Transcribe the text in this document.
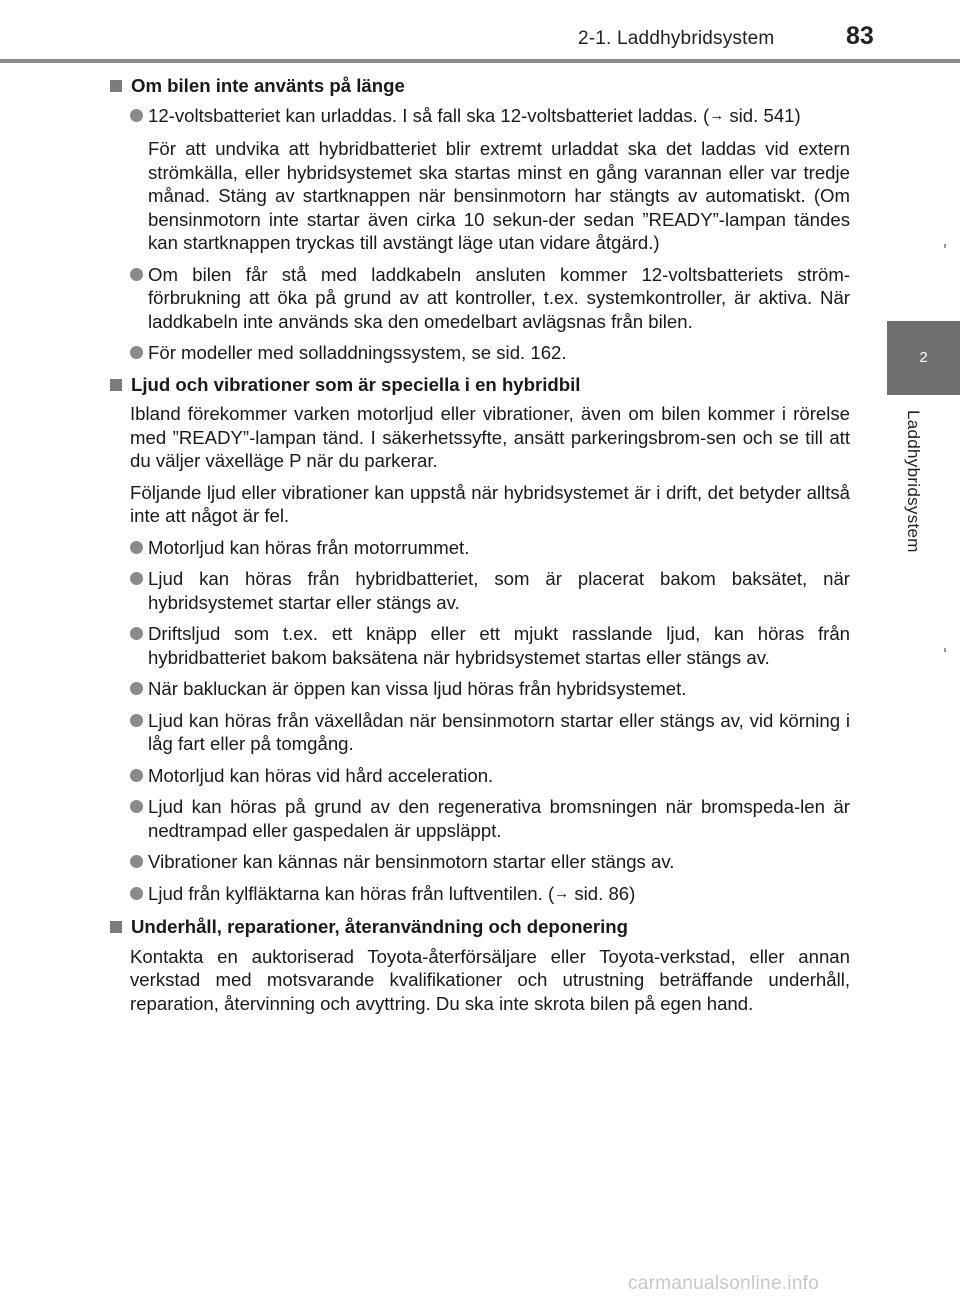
2-1. Laddhybridsystem	83
2
Laddhybridsystem
Om bilen inte använts på länge
12-voltsbatteriet kan urladdas. I så fall ska 12-voltsbatteriet laddas. (→ sid. 541)
För att undvika att hybridbatteriet blir extremt urladdat ska det laddas vid extern strömkälla, eller hybridsystemet ska startas minst en gång varannan eller var tredje månad. Stäng av startknappen när bensinmotorn har stängts av automatiskt. (Om bensinmotorn inte startar även cirka 10 sekun-der sedan ”READY”-lampan tändes kan startknappen tryckas till avstängt läge utan vidare åtgärd.)
Om bilen får stå med laddkabeln ansluten kommer 12-voltsbatteriets ström-förbrukning att öka på grund av att kontroller, t.ex. systemkontroller, är aktiva. När laddkabeln inte används ska den omedelbart avlägsnas från bilen.
För modeller med solladdningssystem, se sid. 162.
Ljud och vibrationer som är speciella i en hybridbil
Ibland förekommer varken motorljud eller vibrationer, även om bilen kommer i rörelse med ”READY”-lampan tänd. I säkerhetssyfte, ansätt parkeringsbrom-sen och se till att du väljer växelläge P när du parkerar.
Följande ljud eller vibrationer kan uppstå när hybridsystemet är i drift, det betyder alltså inte att något är fel.
Motorljud kan höras från motorrummet.
Ljud kan höras från hybridbatteriet, som är placerat bakom baksätet, när hybridsystemet startar eller stängs av.
Driftsljud som t.ex. ett knäpp eller ett mjukt rasslande ljud, kan höras från hybridbatteriet bakom baksätena när hybridsystemet startas eller stängs av.
När bakluckan är öppen kan vissa ljud höras från hybridsystemet.
Ljud kan höras från växellådan när bensinmotorn startar eller stängs av, vid körning i låg fart eller på tomgång.
Motorljud kan höras vid hård acceleration.
Ljud kan höras på grund av den regenerativa bromsningen när bromspeda-len är nedtrampad eller gaspedalen är uppsläppt.
Vibrationer kan kännas när bensinmotorn startar eller stängs av.
Ljud från kylfläktarna kan höras från luftventilen. (→ sid. 86)
Underhåll, reparationer, återanvändning och deponering
Kontakta en auktoriserad Toyota-återförsäljare eller Toyota-verkstad, eller annan verkstad med motsvarande kvalifikationer och utrustning beträffande underhåll, reparation, återvinning och avyttring. Du ska inte skrota bilen på egen hand.
carmanualsonline.info
